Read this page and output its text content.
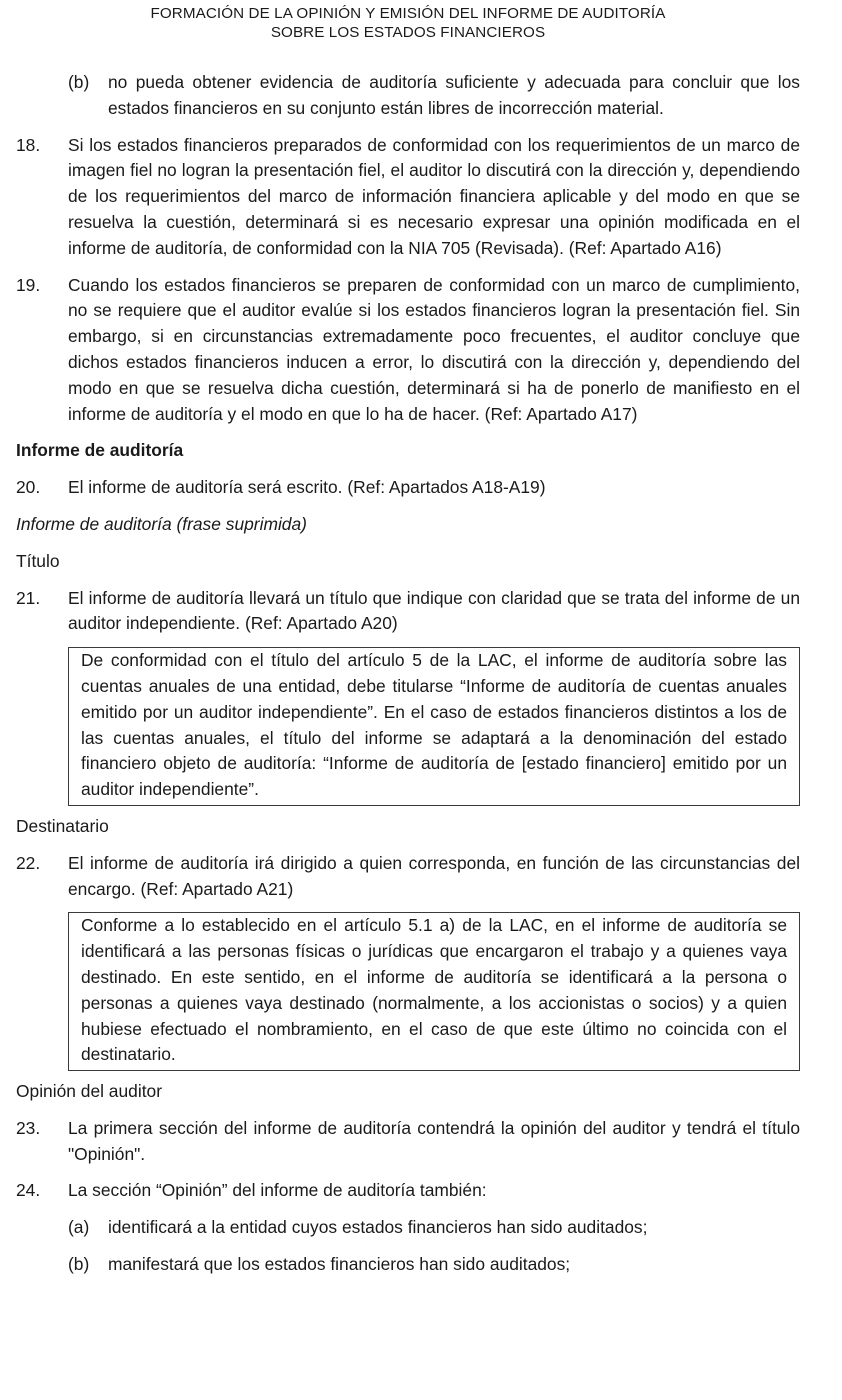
FORMACIÓN DE LA OPINIÓN Y EMISIÓN DEL INFORME DE AUDITORÍA
SOBRE LOS ESTADOS FINANCIEROS
(b) no pueda obtener evidencia de auditoría suficiente y adecuada para concluir que los estados financieros en su conjunto están libres de incorrección material.
18. Si los estados financieros preparados de conformidad con los requerimientos de un marco de imagen fiel no logran la presentación fiel, el auditor lo discutirá con la dirección y, dependiendo de los requerimientos del marco de información financiera aplicable y del modo en que se resuelva la cuestión, determinará si es necesario expresar una opinión modificada en el informe de auditoría, de conformidad con la NIA 705 (Revisada). (Ref: Apartado A16)
19. Cuando los estados financieros se preparen de conformidad con un marco de cumplimiento, no se requiere que el auditor evalúe si los estados financieros logran la presentación fiel. Sin embargo, si en circunstancias extremadamente poco frecuentes, el auditor concluye que dichos estados financieros inducen a error, lo discutirá con la dirección y, dependiendo del modo en que se resuelva dicha cuestión, determinará si ha de ponerlo de manifiesto en el informe de auditoría y el modo en que lo ha de hacer. (Ref: Apartado A17)
Informe de auditoría
20. El informe de auditoría será escrito. (Ref: Apartados A18-A19)
Informe de auditoría (frase suprimida)
Título
21. El informe de auditoría llevará un título que indique con claridad que se trata del informe de un auditor independiente. (Ref: Apartado A20)
De conformidad con el título del artículo 5 de la LAC, el informe de auditoría sobre las cuentas anuales de una entidad, debe titularse “Informe de auditoría de cuentas anuales emitido por un auditor independiente”. En el caso de estados financieros distintos a los de las cuentas anuales, el título del informe se adaptará a la denominación del estado financiero objeto de auditoría: “Informe de auditoría de [estado financiero] emitido por un auditor independiente”.
Destinatario
22. El informe de auditoría irá dirigido a quien corresponda, en función de las circunstancias del encargo. (Ref: Apartado A21)
Conforme a lo establecido en el artículo 5.1 a) de la LAC, en el informe de auditoría se identificará a las personas físicas o jurídicas que encargaron el trabajo y a quienes vaya destinado. En este sentido, en el informe de auditoría se identificará a la persona o personas a quienes vaya destinado (normalmente, a los accionistas o socios) y a quien hubiese efectuado el nombramiento, en el caso de que este último no coincida con el destinatario.
Opinión del auditor
23. La primera sección del informe de auditoría contendrá la opinión del auditor y tendrá el título "Opinión".
24. La sección “Opinión” del informe de auditoría también:
(a) identificará a la entidad cuyos estados financieros han sido auditados;
(b) manifestará que los estados financieros han sido auditados;
